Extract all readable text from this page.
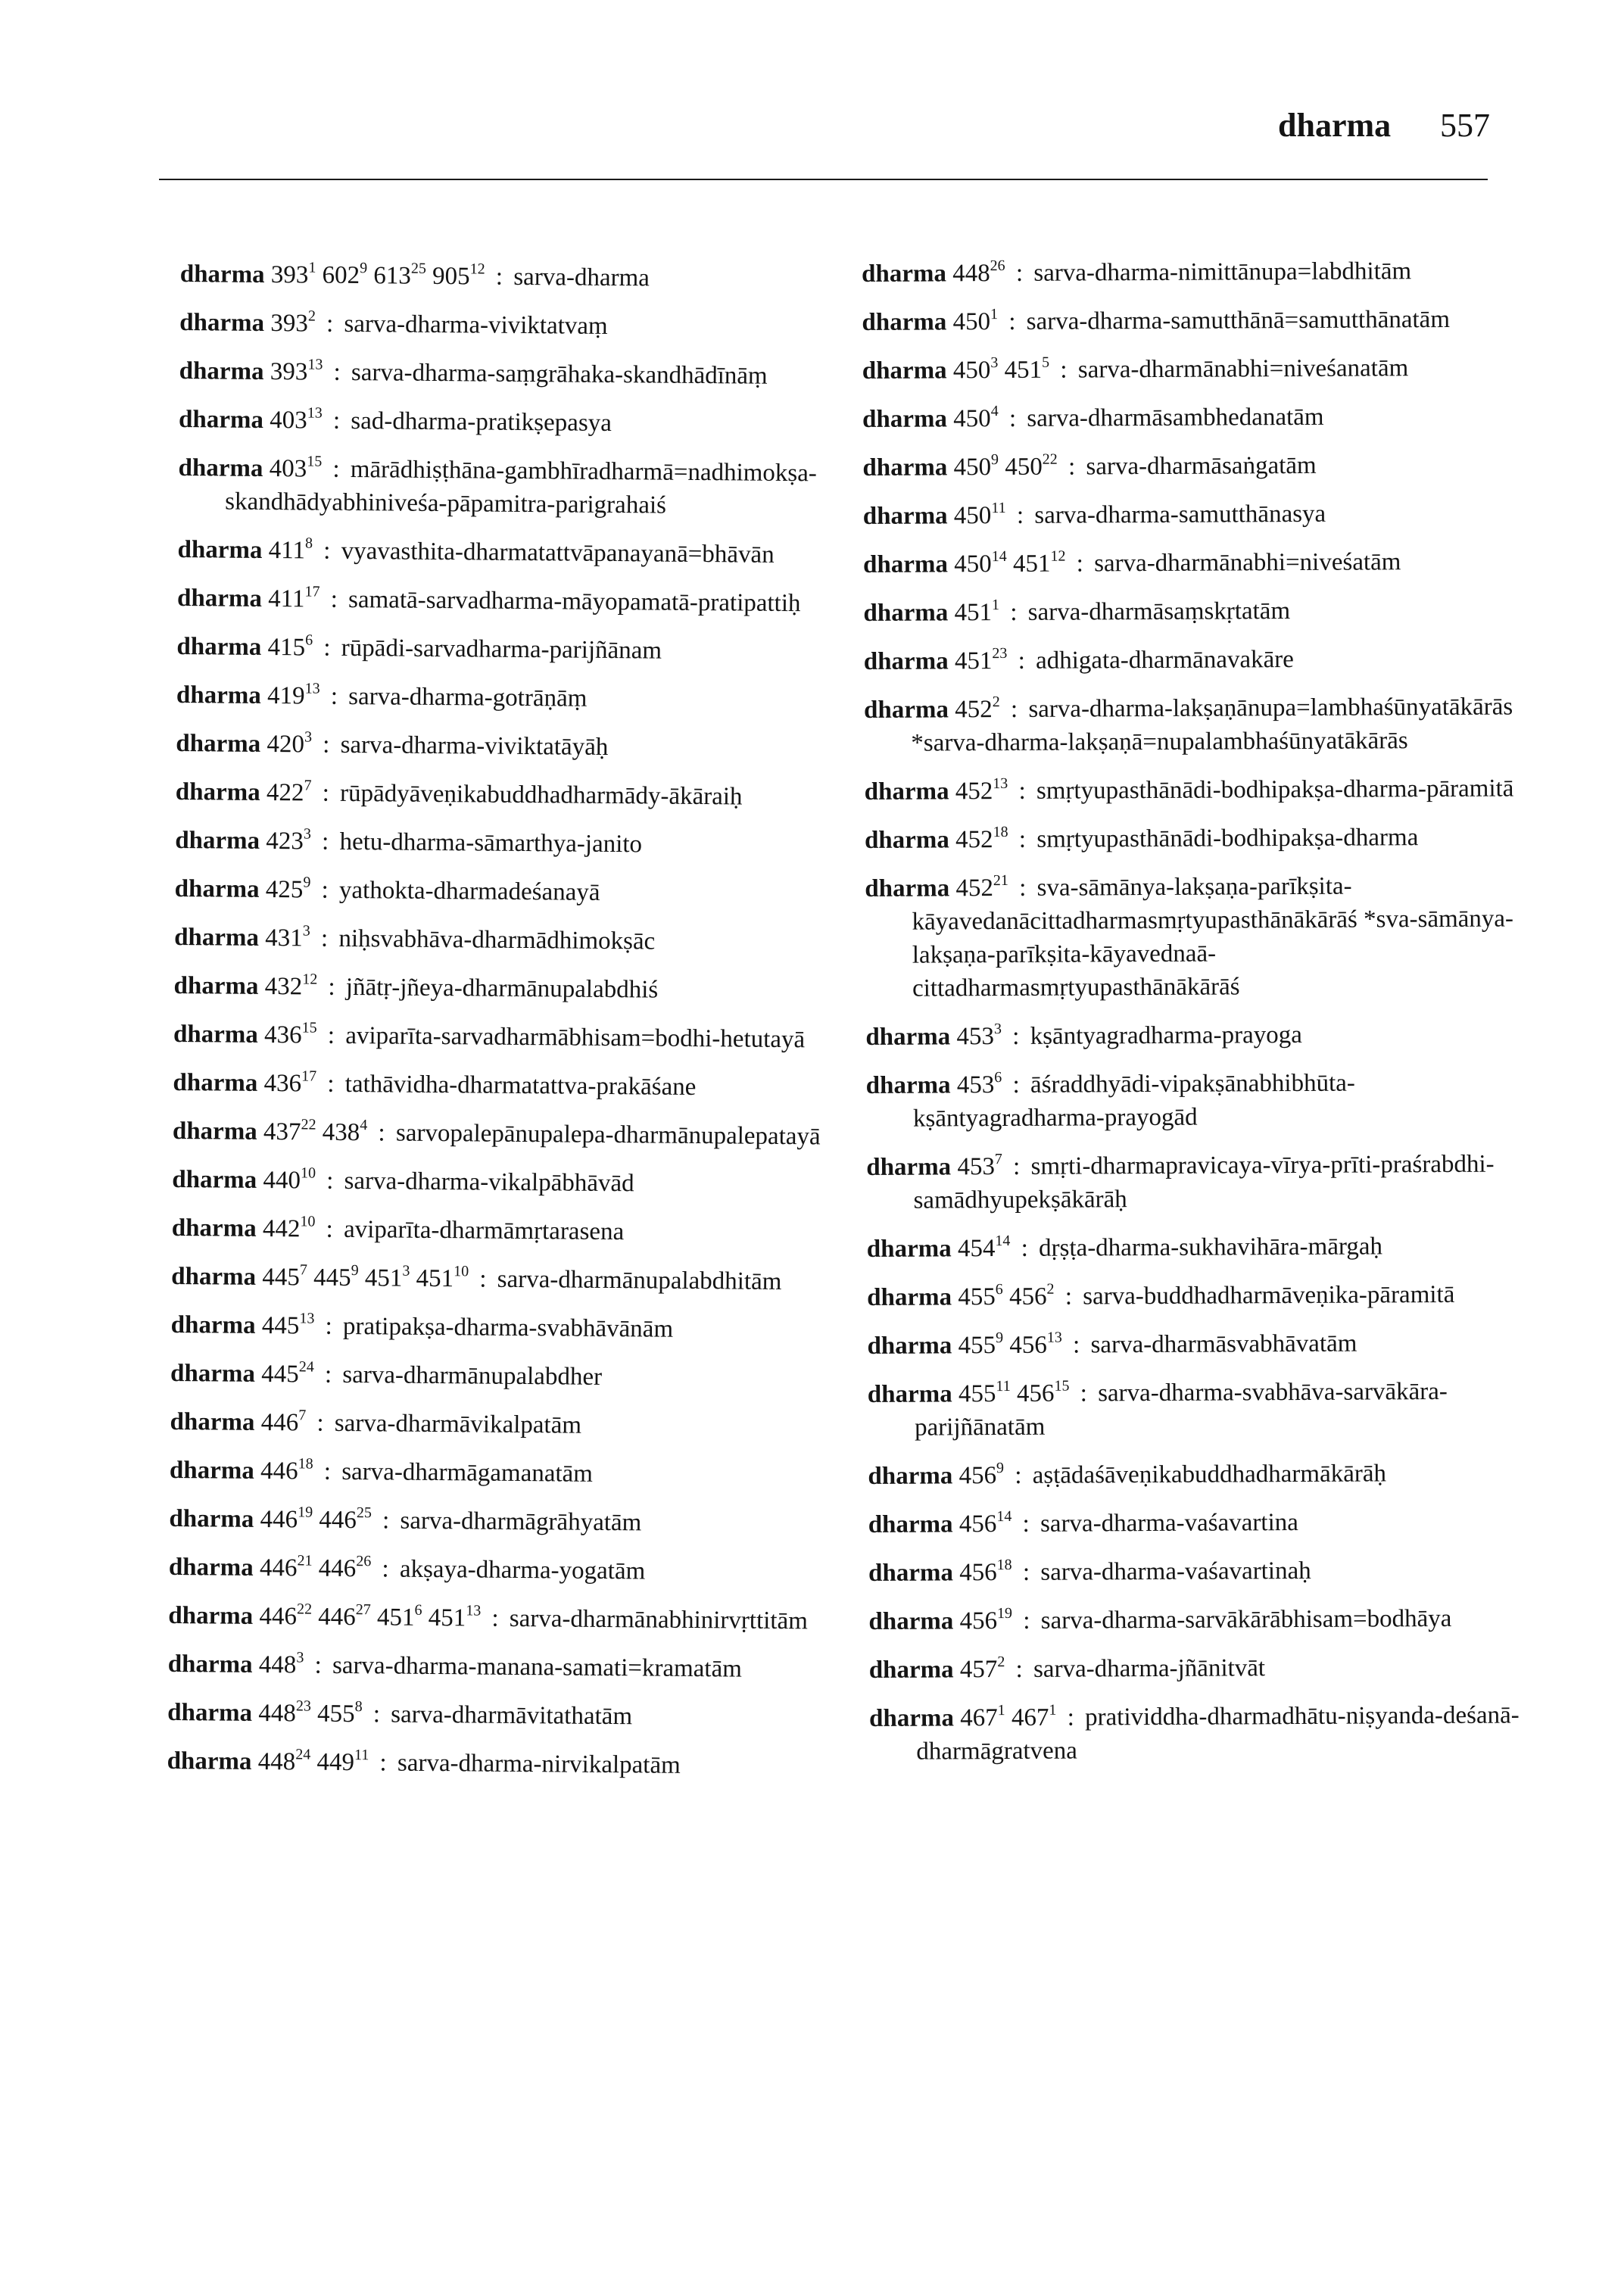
dharma 557
dharma $393^1$ $602^9$ $613^{25}$ $905^{12}$ : sarva-dharma
dharma $393^2$ : sarva-dharma-viviktatvaṃ
dharma $393^{13}$ : sarva-dharma-saṃgrāhaka-skandhādīnāṃ
dharma $403^{13}$ : sad-dharma-pratikṣepasya
dharma $403^{15}$ : mārādhiṣṭhāna-gambhīradharmā=nadhimokṣa-skandhādyabhiniveśa-pāpamitra-parigrahaiś
dharma $411^8$ : vyavasthita-dharmatattvāpanayanā=bhāvān
dharma $411^{17}$ : samatā-sarvadharma-māyopamatā-pratipattiḥ
dharma $415^6$ : rūpādi-sarvadharma-parijñānam
dharma $419^{13}$ : sarva-dharma-gotrāṇāṃ
dharma $420^3$ : sarva-dharma-viviktatāyāḥ
dharma $422^7$ : rūpādyāveṇikabuddhadharmādy-ākāraiḥ
dharma $423^3$ : hetu-dharma-sāmarthya-janito
dharma $425^9$ : yathokta-dharmadeśanayā
dharma $431^3$ : niḥsvabhāva-dharmādhimokṣāc
dharma $432^{12}$ : jñātṛ-jñeya-dharmānupalabdhiś
dharma $436^{15}$ : aviparīta-sarvadharmābhisam=bodhi-hetutayā
dharma $436^{17}$ : tathāvidha-dharmatattva-prakāśane
dharma $437^{22}$ $438^4$ : sarvopalepānupalepa-dharmānupalepatayā
dharma $440^{10}$ : sarva-dharma-vikalpābhāvād
dharma $442^{10}$ : aviparīta-dharmāmṛtarasena
dharma $445^7$ $445^9$ $451^3$ $451^{10}$ : sarva-dharmānupalabdhitām
dharma $445^{13}$ : pratipakṣa-dharma-svabhāvānām
dharma $445^{24}$ : sarva-dharmānupalabdher
dharma $446^7$ : sarva-dharmāvikalpatām
dharma $446^{18}$ : sarva-dharmāgamanatām
dharma $446^{19}$ $446^{25}$ : sarva-dharmāgrāhyatām
dharma $446^{21}$ $446^{26}$ : akṣaya-dharma-yogatām
dharma $446^{22}$ $446^{27}$ $451^6$ $451^{13}$ : sarva-dharmānabhinirvṛttitām
dharma $448^3$ : sarva-dharma-manana-samati=kramatām
dharma $448^{23}$ $455^8$ : sarva-dharmāvitathatām
dharma $448^{24}$ $449^{11}$ : sarva-dharma-nirvikalpatām
dharma $448^{26}$ : sarva-dharma-nimittānupa=labdhitām
dharma $450^1$ : sarva-dharma-samutthānā=samutthānatām
dharma $450^3$ $451^5$ : sarva-dharmānabhi=niveśanatām
dharma $450^4$ : sarva-dharmāsambhedanatām
dharma $450^9$ $450^{22}$ : sarva-dharmāsaṅgatām
dharma $450^{11}$ : sarva-dharma-samutthānasya
dharma $450^{14}$ $451^{12}$ : sarva-dharmānabhi=niveśatām
dharma $451^1$ : sarva-dharmāsaṃskṛtatām
dharma $451^{23}$ : adhigata-dharmānavakāre
dharma $452^2$ : sarva-dharma-lakṣaṇānupa=lambhaśūnyatākārās *sarva-dharma-lakṣaṇā=nupalambhaśūnyatākārās
dharma $452^{13}$ : smṛtyupasthānādi-bodhipakṣa-dharma-pāramitā
dharma $452^{18}$ : smṛtyupasthānādi-bodhipakṣa-dharma
dharma $452^{21}$ : sva-sāmānya-lakṣaṇa-parīkṣita-kāyavedanācittadharmasmṛtyupasthānākārāś *sva-sāmānya-lakṣaṇa-parīkṣita-kāyavednaā-cittadharmasmṛtyupasthānākārāś
dharma $453^3$ : kṣāntyagradharma-prayoga
dharma $453^6$ : āśraddhyādi-vipakṣānabhibhūta-kṣāntyagradharma-prayogād
dharma $453^7$ : smṛti-dharmapravicaya-vīrya-prīti-praśrabdhi-samādhyupekṣākārāḥ
dharma $454^{14}$ : dṛṣṭa-dharma-sukhavihāra-mārgaḥ
dharma $455^6$ $456^2$ : sarva-buddhadharmāveṇika-pāramitā
dharma $455^9$ $456^{13}$ : sarva-dharmāsvabhāvatām
dharma $455^{11}$ $456^{15}$ : sarva-dharma-svabhāva-sarvākāra-parijñānatām
dharma $456^9$ : aṣṭādaśāveṇikabuddhadharmākārāḥ
dharma $456^{14}$ : sarva-dharma-vaśavartina
dharma $456^{18}$ : sarva-dharma-vaśavartinaḥ
dharma $456^{19}$ : sarva-dharma-sarvākārābhisam=bodhāya
dharma $457^2$ : sarva-dharma-jñānitvāt
dharma $467^1$ $467^1$ : pratividdha-dharmadhātu-niṣyanda-deśanā-dharmāgratvena
